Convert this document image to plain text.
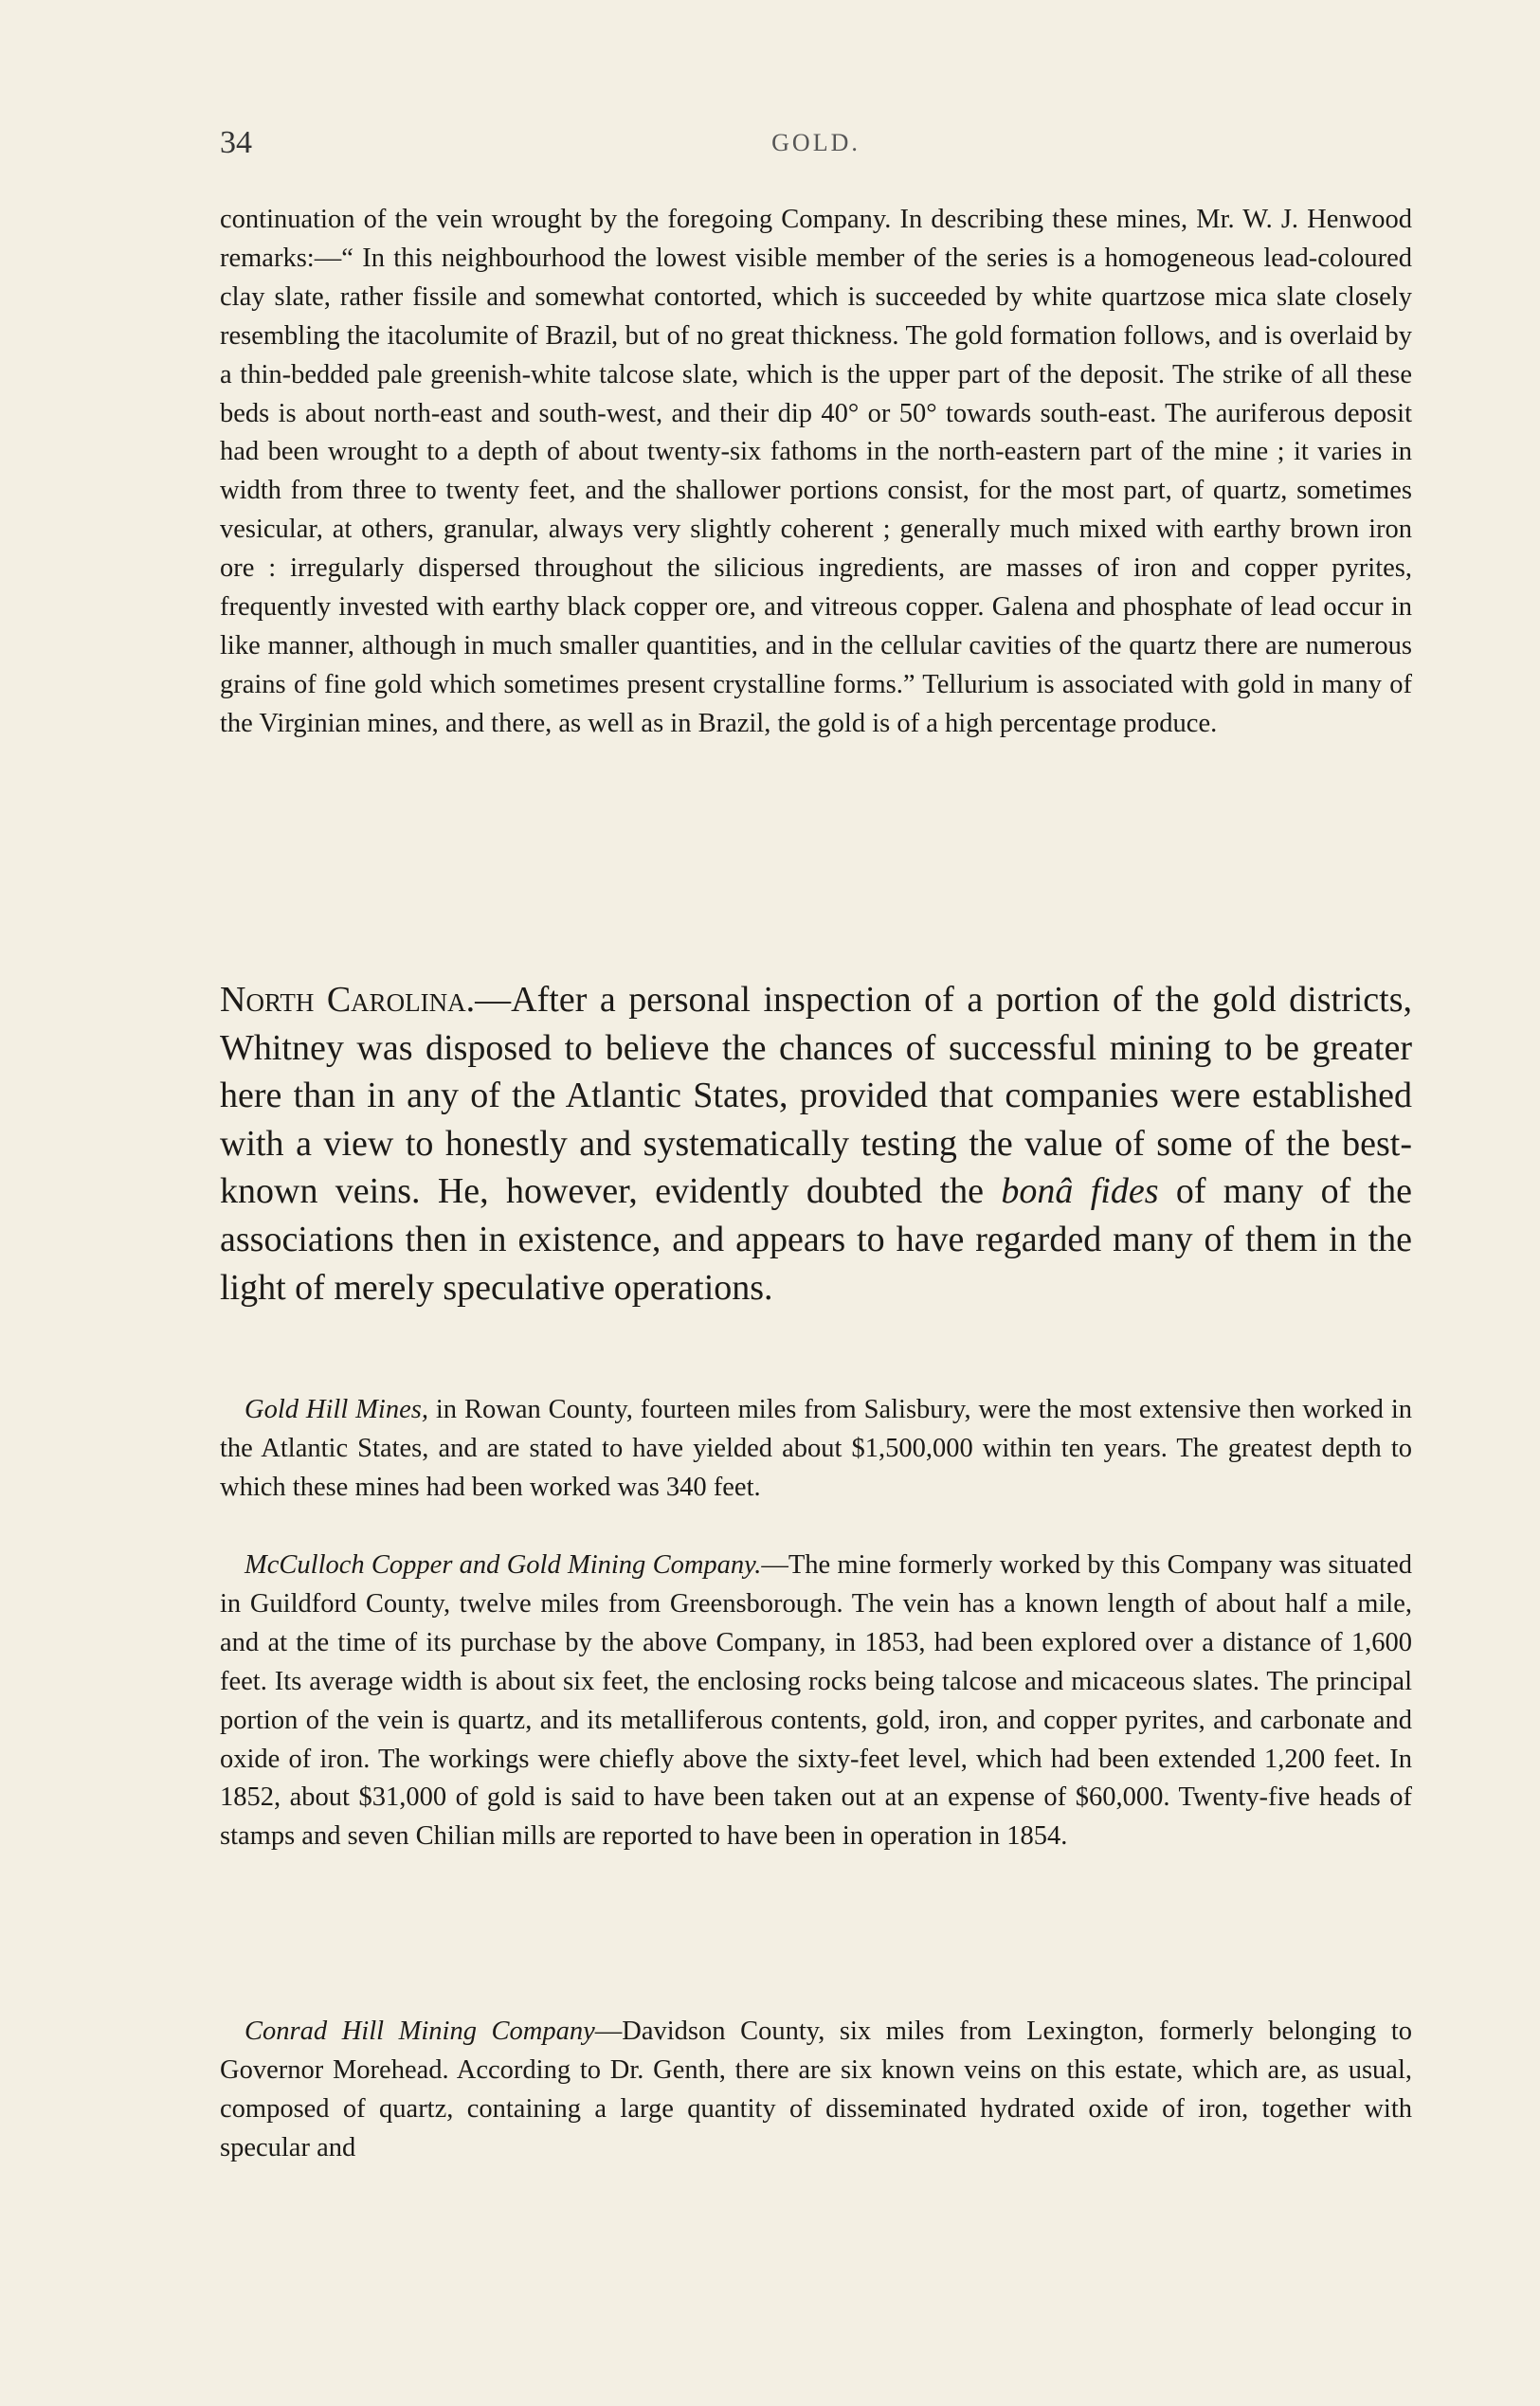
34	GOLD.

continuation of the vein wrought by the foregoing Company. In describing these mines, Mr. W. J. Henwood remarks:—“ In this neighbourhood the lowest visible member of the series is a homogeneous lead-coloured clay slate, rather fissile and somewhat contorted, which is succeeded by white quartzose mica slate closely resembling the itacolumite of Brazil, but of no great thickness. The gold formation follows, and is overlaid by a thin-bedded pale greenish-white talcose slate, which is the upper part of the deposit. The strike of all these beds is about north-east and south-west, and their dip 40° or 50° towards south-east. The auriferous deposit had been wrought to a depth of about twenty-six fathoms in the north-eastern part of the mine ; it varies in width from three to twenty feet, and the shallower portions consist, for the most part, of quartz, sometimes vesicular, at others, granular, always very slightly coherent ; generally much mixed with earthy brown iron ore : irregularly dispersed throughout the silicious ingredients, are masses of iron and copper pyrites, frequently invested with earthy black copper ore, and vitreous copper. Galena and phosphate of lead occur in like manner, although in much smaller quantities, and in the cellular cavities of the quartz there are numerous grains of fine gold which sometimes present crystalline forms.” Tellurium is associated with gold in many of the Virginian mines, and there, as well as in Brazil, the gold is of a high percentage produce.

North Carolina.—After a personal inspection of a portion of the gold districts, Whitney was disposed to believe the chances of successful mining to be greater here than in any of the Atlantic States, provided that companies were established with a view to honestly and systematically testing the value of some of the best-known veins. He, however, evidently doubted the bonâ fides of many of the associations then in existence, and appears to have regarded many of them in the light of merely speculative operations.

Gold Hill Mines, in Rowan County, fourteen miles from Salisbury, were the most extensive then worked in the Atlantic States, and are stated to have yielded about $1,500,000 within ten years. The greatest depth to which these mines had been worked was 340 feet.

McCulloch Copper and Gold Mining Company.—The mine formerly worked by this Company was situated in Guildford County, twelve miles from Greensborough. The vein has a known length of about half a mile, and at the time of its purchase by the above Company, in 1853, had been explored over a distance of 1,600 feet. Its average width is about six feet, the enclosing rocks being talcose and micaceous slates. The principal portion of the vein is quartz, and its metalliferous contents, gold, iron, and copper pyrites, and carbonate and oxide of iron. The workings were chiefly above the sixty-feet level, which had been extended 1,200 feet. In 1852, about $31,000 of gold is said to have been taken out at an expense of $60,000. Twenty-five heads of stamps and seven Chilian mills are reported to have been in operation in 1854.

Conrad Hill Mining Company—Davidson County, six miles from Lexington, formerly belonging to Governor Morehead. According to Dr. Genth, there are six known veins on this estate, which are, as usual, composed of quartz, containing a large quantity of disseminated hydrated oxide of iron, together with specular and
